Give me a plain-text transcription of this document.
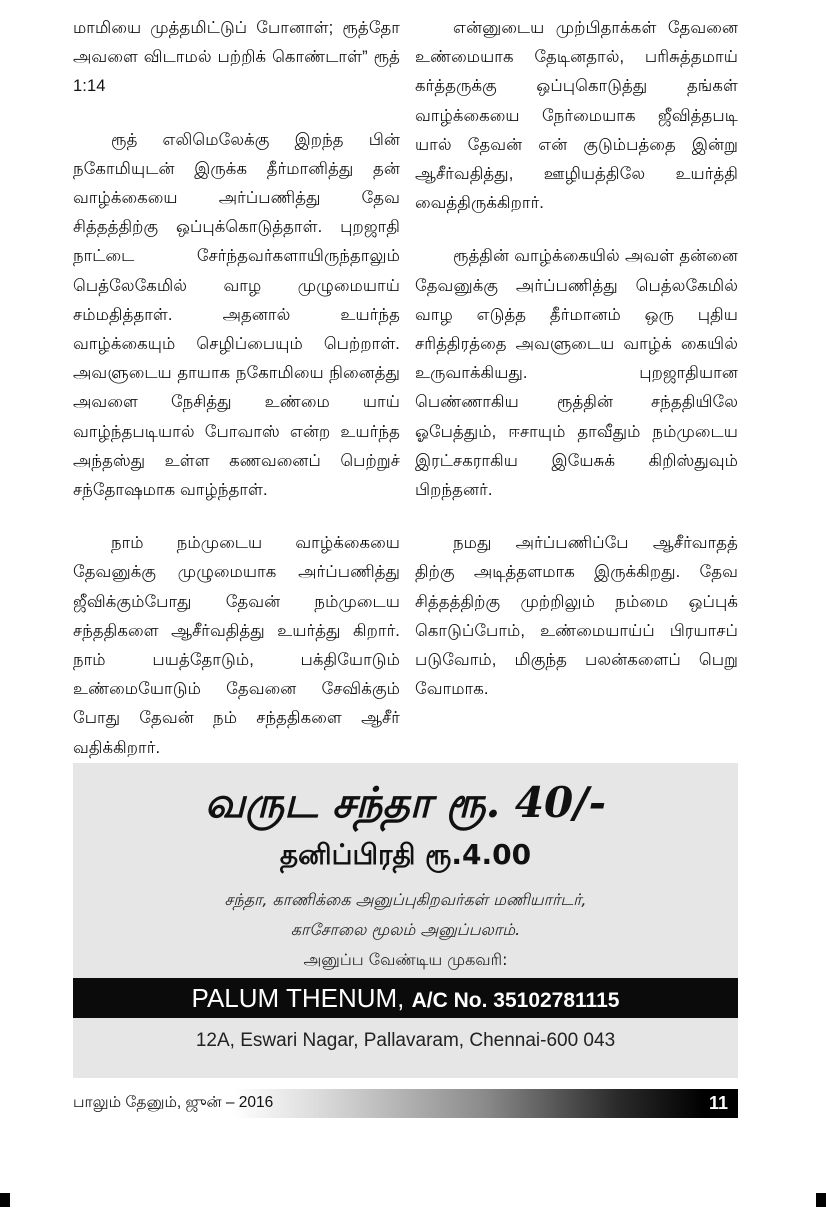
மாமியை முத்தமிட்டுப் போனாள்; ரூத்தோ அவளை விடாமல் பற்றிக் கொண்டாள்” ரூத் 1:14

ரூத் எலிமெலேக்கு இறந்த பின் நகோமியுடன் இருக்க தீர்மானித்து தன் வாழ்க்கையை அர்ப்பணித்து தேவ சித்தத்திற்கு ஒப்புக்கொடுத்தாள். புறஜாதி நாட்டை சேர்ந்தவர்களாயிருந்தாலும் பெத்லேகேமில் வாழ முழுமையாய் சம்மதித்தாள். அதனால் உயர்ந்த வாழ்க்கையும் செழிப்பையும் பெற்றாள். அவளுடைய தாயாக நகோமியை நினைத்து அவளை நேசித்து உண்மை யாய் வாழ்ந்தபடியால் போவாஸ் என்ற உயர்ந்த அந்தஸ்து உள்ள கணவனைப் பெற்றுச் சந்தோஷமாக வாழ்ந்தாள்.

நாம் நம்முடைய வாழ்க்கையை தேவனுக்கு முழுமையாக அர்ப்பணித்து ஜீவிக்கும்போது தேவன் நம்முடைய சந்ததிகளை ஆசீர்வதித்து உயர்த்து கிறார். நாம் பயத்தோடும், பக்தியோடும் உண்மையோடும் தேவனை சேவிக்கும் போது தேவன் நம் சந்ததிகளை ஆசீர் வதிக்கிறார்.

என்னுடைய முற்பிதாக்கள் தேவனை உண்மையாக தேடினதால், பரிசுத்தமாய் கர்த்தருக்கு ஒப்புகொடுத்து தங்கள் வாழ்க்கையை நேர்மையாக ஜீவித்தபடி யால் தேவன் என் குடும்பத்தை இன்று ஆசீர்வதித்து, ஊழியத்திலே உயர்த்தி வைத்திருக்கிறார்.

ரூத்தின் வாழ்க்கையில் அவள் தன்னை தேவனுக்கு அர்ப்பணித்து பெத்லகேமில் வாழ எடுத்த தீர்மானம் ஒரு புதிய சரித்திரத்தை அவளுடைய வாழ்க் கையில் உருவாக்கியது. புறஜாதியான பெண்ணாகிய ரூத்தின் சந்ததியிலே ஓபேத்தும், ஈசாயும் தாவீதும் நம்முடைய இரட்சகராகிய இயேசுக் கிறிஸ்துவும் பிறந்தனர்.

நமது அர்ப்பணிப்பே ஆசீர்வாதத் திற்கு அடித்தளமாக இருக்கிறது. தேவ சித்தத்திற்கு முற்றிலும் நம்மை ஒப்புக் கொடுப்போம், உண்மையாய்ப் பிரயாசப் படுவோம், மிகுந்த பலன்களைப் பெறு வோமாக.

வருட சந்தா ரூ. 40/-
தனிப்பிரதி ரூ.4.00
சந்தா, காணிக்கை அனுப்புகிறவர்கள் மணியார்டர்,
காசோலை மூலம் அனுப்பலாம்.
அனுப்ப வேண்டிய முகவரி:
PALUM THENUM, A/C No. 35102781115
12A, Eswari Nagar, Pallavaram, Chennai-600 043
பாலும் தேனும், ஜுன் – 2016	11
